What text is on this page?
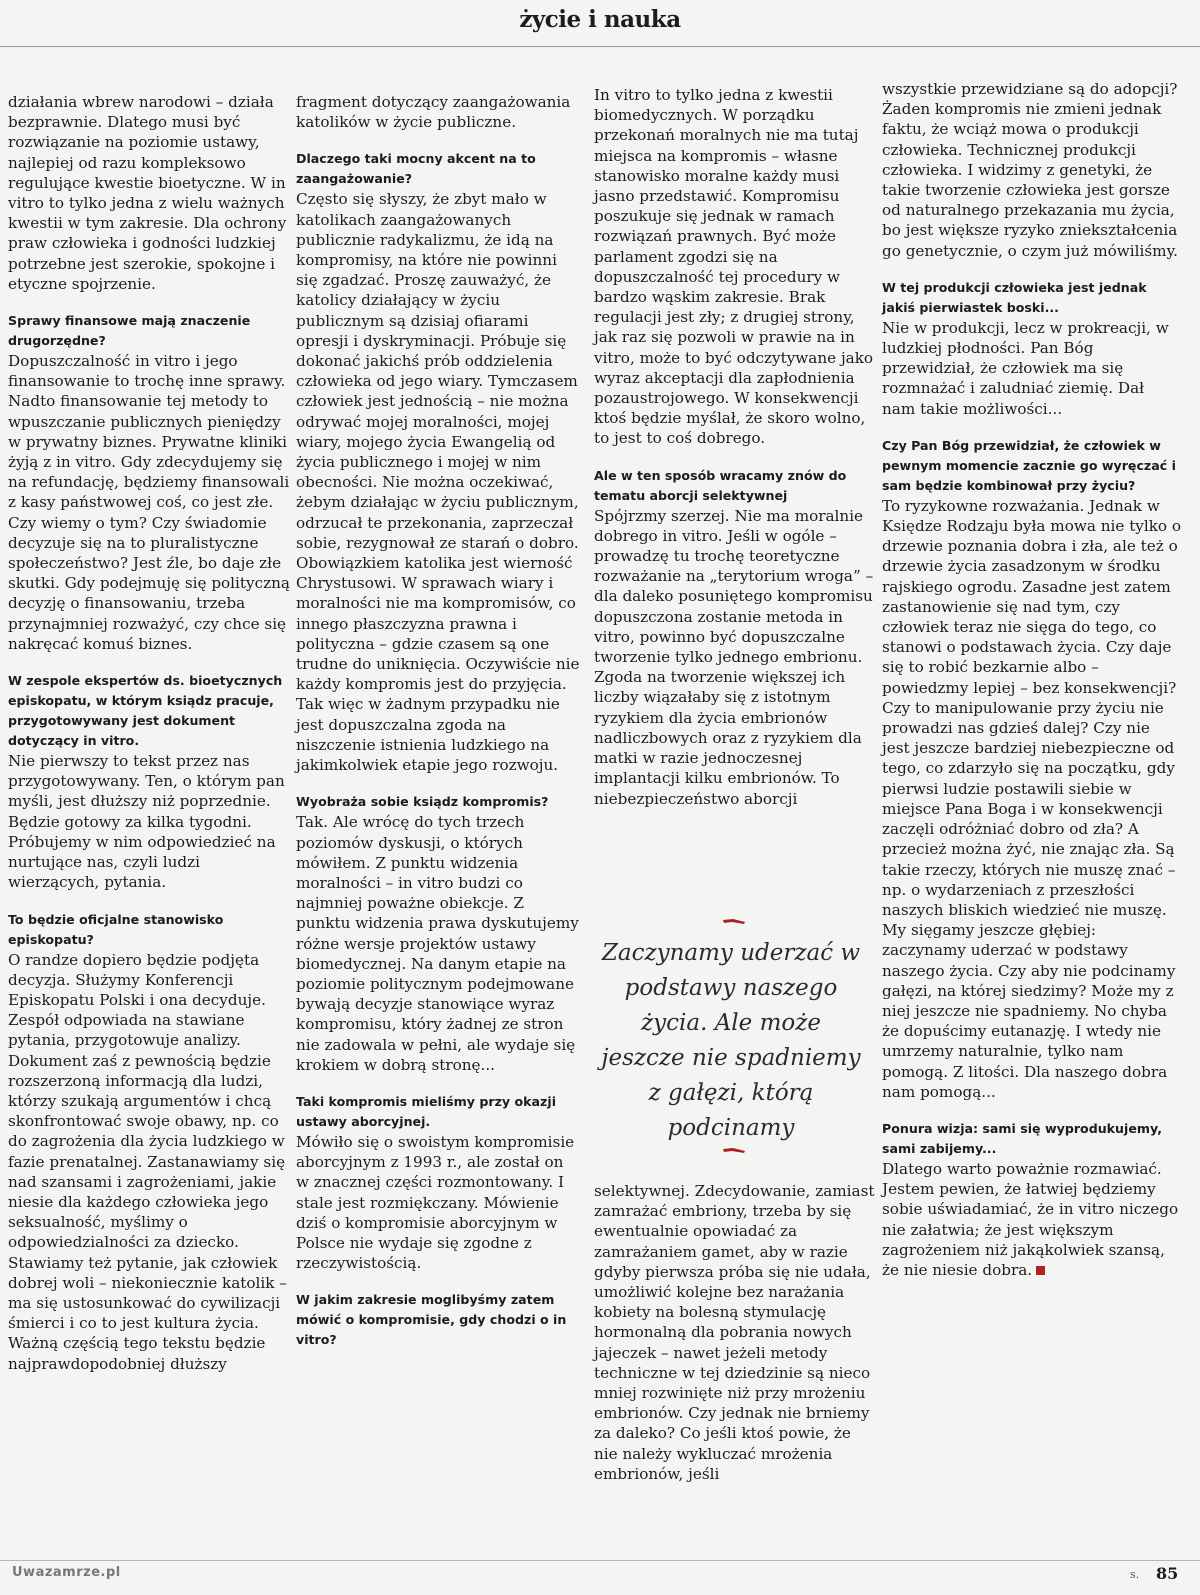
życie i nauka

działania wbrew narodowi – działa bezprawnie. Dlatego musi być rozwiązanie na poziomie ustawy, najlepiej od razu kompleksowo regulujące kwestie bioetyczne. W in vitro to tylko jedna z wielu ważnych kwestii w tym zakresie. Dla ochrony praw człowieka i godności ludzkiej potrzebne jest szerokie, spokojne i etyczne spojrzenie.

Sprawy finansowe mają znaczenie drugorzędne?

Dopuszczalność in vitro i jego finansowanie to trochę inne sprawy. Nadto finansowanie tej metody to wpuszczanie publicznych pieniędzy w prywatny biznes. Prywatne kliniki żyją z in vitro. Gdy zdecydujemy się na refundację, będziemy finansowali z kasy państwowej coś, co jest złe. Czy wiemy o tym? Czy świadomie decyzuje się na to pluralistyczne społeczeństwo? Jest źle, bo daje złe skutki. Gdy podejmuję się polityczną decyzję o finansowaniu, trzeba przynajmniej rozważyć, czy chce się nakręcać komuś biznes.

W zespole ekspertów ds. bioetycznych episkopatu, w którym ksiądz pracuje, przygotowywany jest dokument dotyczący in vitro.

Nie pierwszy to tekst przez nas przygotowywany. Ten, o którym pan myśli, jest dłuższy niż poprzednie. Będzie gotowy za kilka tygodni. Próbujemy w nim odpowiedzieć na nurtujące nas, czyli ludzi wierzących, pytania.

To będzie oficjalne stanowisko episkopatu?

O randze dopiero będzie podjęta decyzja. Służymy Konferencji Episkopatu Polski i ona decyduje. Zespół odpowiada na stawiane pytania, przygotowuje analizy. Dokument zaś z pewnością będzie rozszerzoną informacją dla ludzi, którzy szukają argumentów i chcą skonfrontować swoje obawy, np. co do zagrożenia dla życia ludzkiego w fazie prenatalnej. Zastanawiamy się nad szansami i zagrożeniami, jakie niesie dla każdego człowieka jego seksualność, myślimy o odpowiedzialności za dziecko. Stawiamy też pytanie, jak człowiek dobrej woli – niekoniecznie katolik – ma się ustosunkować do cywilizacji śmierci i co to jest kultura życia. Ważną częścią tego tekstu będzie najprawdopodobniej dłuższy

fragment dotyczący zaangażowania katolików w życie publiczne.

Dlaczego taki mocny akcent na to zaangażowanie?

Często się słyszy, że zbyt mało w katolikach zaangażowanych publicznie radykalizmu, że idą na kompromisy, na które nie powinni się zgadzać. Proszę zauważyć, że katolicy działający w życiu publicznym są dzisiaj ofiarami opresji i dyskryminacji. Próbuje się dokonać jakichś prób oddzielenia człowieka od jego wiary. Tymczasem człowiek jest jednością – nie można odrywać mojej moralności, mojej wiary, mojego życia Ewangelią od życia publicznego i mojej w nim obecności. Nie można oczekiwać, żebym działając w życiu publicznym, odrzucał te przekonania, zaprzeczał sobie, rezygnował ze starań o dobro. Obowiązkiem katolika jest wierność Chrystusowi. W sprawach wiary i moralności nie ma kompromisów, co innego płaszczyzna prawna i polityczna – gdzie czasem są one trudne do uniknięcia. Oczywiście nie każdy kompromis jest do przyjęcia. Tak więc w żadnym przypadku nie jest dopuszczalna zgoda na niszczenie istnienia ludzkiego na jakimkolwiek etapie jego rozwoju.

Wyobraża sobie ksiądz kompromis?

Tak. Ale wrócę do tych trzech poziomów dyskusji, o których mówiłem. Z punktu widzenia moralności – in vitro budzi co najmniej poważne obiekcje. Z punktu widzenia prawa dyskutujemy różne wersje projektów ustawy biomedycznej. Na danym etapie na poziomie politycznym podejmowane bywają decyzje stanowiące wyraz kompromisu, który żadnej ze stron nie zadowala w pełni, ale wydaje się krokiem w dobrą stronę...

Taki kompromis mieliśmy przy okazji ustawy aborcyjnej.

Mówiło się o swoistym kompromisie aborcyjnym z 1993 r., ale został on w znacznej części rozmontowany. I stale jest rozmiękczany. Mówienie dziś o kompromisie aborcyjnym w Polsce nie wydaje się zgodne z rzeczywistością.

W jakim zakresie moglibyśmy zatem mówić o kompromisie, gdy chodzi o in vitro?

In vitro to tylko jedna z kwestii biomedycznych. W porządku przekonań moralnych nie ma tutaj miejsca na kompromis – własne stanowisko moralne każdy musi jasno przedstawić. Kompromisu poszukuje się jednak w ramach rozwiązań prawnych. Być może parlament zgodzi się na dopuszczalność tej procedury w bardzo wąskim zakresie. Brak regulacji jest zły; z drugiej strony, jak raz się pozwoli w prawie na in vitro, może to być odczytywane jako wyraz akceptacji dla zapłodnienia pozaustrojowego. W konsekwencji ktoś będzie myślał, że skoro wolno, to jest to coś dobrego.

Ale w ten sposób wracamy znów do tematu aborcji selektywnej

Spójrzmy szerzej. Nie ma moralnie dobrego in vitro. Jeśli w ogóle – prowadzę tu trochę teoretyczne rozważanie na „terytorium wroga” – dla daleko posuniętego kompromisu dopuszczona zostanie metoda in vitro, powinno być dopuszczalne tworzenie tylko jednego embrionu. Zgoda na tworzenie większej ich liczby wiązałaby się z istotnym ryzykiem dla życia embrionów nadliczbowych oraz z ryzykiem dla matki w razie jednoczesnej implantacji kilku embrionów. To niebezpieczeństwo aborcji

Zaczynamy uderzać w podstawy naszego życia. Ale może jeszcze nie spadniemy z gałęzi, którą podcinamy

selektywnej. Zdecydowanie, zamiast zamrażać embriony, trzeba by się ewentualnie opowiadać za zamrażaniem gamet, aby w razie gdyby pierwsza próba się nie udała, umożliwić kolejne bez narażania kobiety na bolesną stymulację hormonalną dla pobrania nowych jajeczek – nawet jeżeli metody techniczne w tej dziedzinie są nieco mniej rozwinięte niż przy mrożeniu embrionów. Czy jednak nie brniemy za daleko? Co jeśli ktoś powie, że nie należy wykluczać mrożenia embrionów, jeśli

wszystkie przewidziane są do adopcji? Żaden kompromis nie zmieni jednak faktu, że wciąż mowa o produkcji człowieka. Technicznej produkcji człowieka. I widzimy z genetyki, że takie tworzenie człowieka jest gorsze od naturalnego przekazania mu życia, bo jest większe ryzyko zniekształcenia go genetycznie, o czym już mówiliśmy.

W tej produkcji człowieka jest jednak jakiś pierwiastek boski...

Nie w produkcji, lecz w prokreacji, w ludzkiej płodności. Pan Bóg przewidział, że człowiek ma się rozmnażać i zaludniać ziemię. Dał nam takie możliwości...

Czy Pan Bóg przewidział, że człowiek w pewnym momencie zacznie go wyręczać i sam będzie kombinował przy życiu?

To ryzykowne rozważania. Jednak w Księdze Rodzaju była mowa nie tylko o drzewie poznania dobra i zła, ale też o drzewie życia zasadzonym w środku rajskiego ogrodu. Zasadne jest zatem zastanowienie się nad tym, czy człowiek teraz nie sięga do tego, co stanowi o podstawach życia. Czy daje się to robić bezkarnie albo – powiedzmy lepiej – bez konsekwencji? Czy to manipulowanie przy życiu nie prowadzi nas gdzieś dalej? Czy nie jest jeszcze bardziej niebezpieczne od tego, co zdarzyło się na początku, gdy pierwsi ludzie postawili siebie w miejsce Pana Boga i w konsekwencji zaczęli odróżniać dobro od zła? A przecież można żyć, nie znając zła. Są takie rzeczy, których nie muszę znać – np. o wydarzeniach z przeszłości naszych bliskich wiedzieć nie muszę. My sięgamy jeszcze głębiej: zaczynamy uderzać w podstawy naszego życia. Czy aby nie podcinamy gałęzi, na której siedzimy? Może my z niej jeszcze nie spadniemy. No chyba że dopuścimy eutanazję. I wtedy nie umrzemy naturalnie, tylko nam pomogą. Z litości. Dla naszego dobra nam pomogą...

Ponura wizja: sami się wyprodukujemy, sami zabijemy...

Dlatego warto poważnie rozmawiać. Jestem pewien, że łatwiej będziemy sobie uświadamiać, że in vitro niczego nie załatwia; że jest większym zagrożeniem niż jakąkolwiek szansą, że nie niesie dobra.

Uwazamrze.pl	s. 85
